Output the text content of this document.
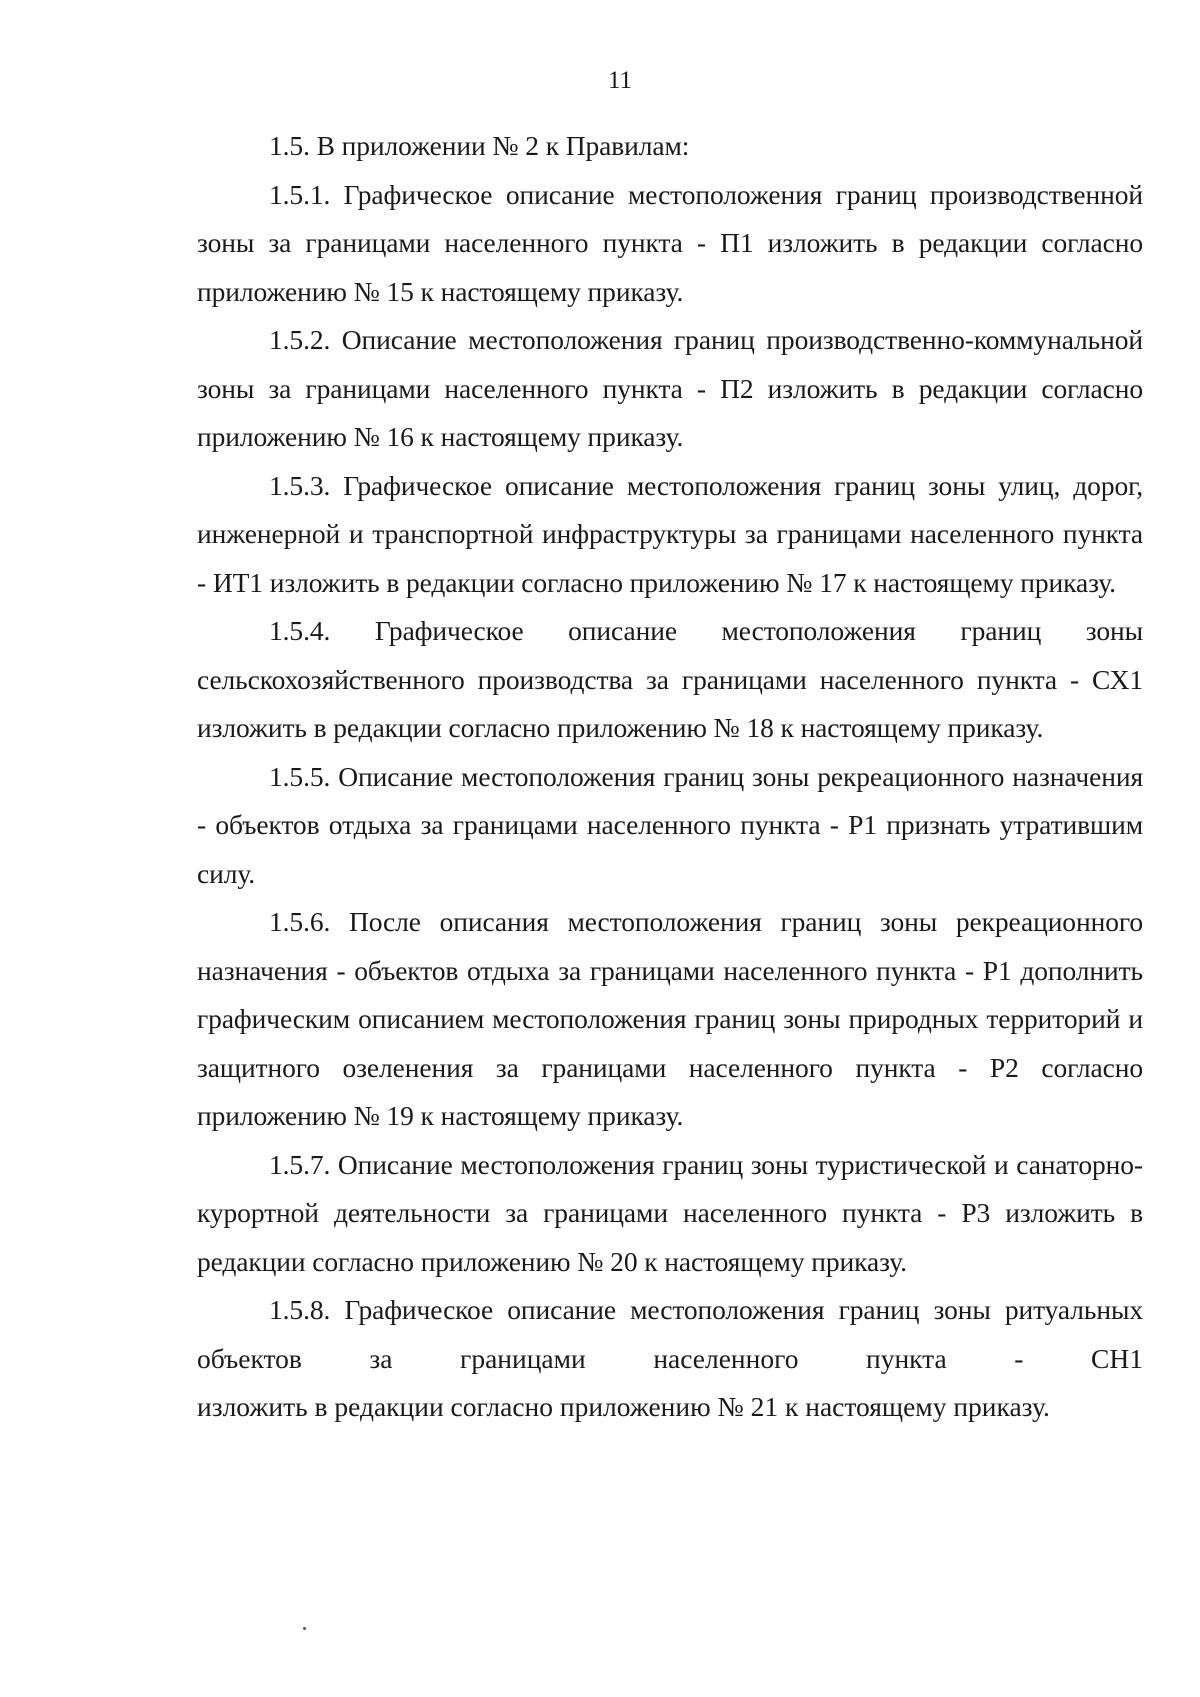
11

1.5. В приложении № 2 к Правилам:

1.5.1. Графическое описание местоположения границ производственной зоны за границами населенного пункта - П1 изложить в редакции согласно приложению № 15 к настоящему приказу.

1.5.2. Описание местоположения границ производственно-коммунальной зоны за границами населенного пункта - П2 изложить в редакции согласно приложению № 16 к настоящему приказу.

1.5.3. Графическое описание местоположения границ зоны улиц, дорог, инженерной и транспортной инфраструктуры за границами населенного пункта - ИТ1 изложить в редакции согласно приложению № 17 к настоящему приказу.

1.5.4. Графическое описание местоположения границ зоны сельскохозяйственного производства за границами населенного пункта - СХ1 изложить в редакции согласно приложению № 18 к настоящему приказу.

1.5.5. Описание местоположения границ зоны рекреационного назначения - объектов отдыха за границами населенного пункта - Р1 признать утратившим силу.

1.5.6. После описания местоположения границ зоны рекреационного назначения - объектов отдыха за границами населенного пункта - Р1 дополнить графическим описанием местоположения границ зоны природных территорий и защитного озеленения за границами населенного пункта - Р2 согласно приложению № 19 к настоящему приказу.

1.5.7. Описание местоположения границ зоны туристической и санаторно-курортной деятельности за границами населенного пункта - Р3 изложить в редакции согласно приложению № 20 к настоящему приказу.

1.5.8. Графическое описание местоположения границ зоны ритуальных

объектов за границами населенного пункта - СН1

изложить в редакции согласно приложению № 21 к настоящему приказу.
